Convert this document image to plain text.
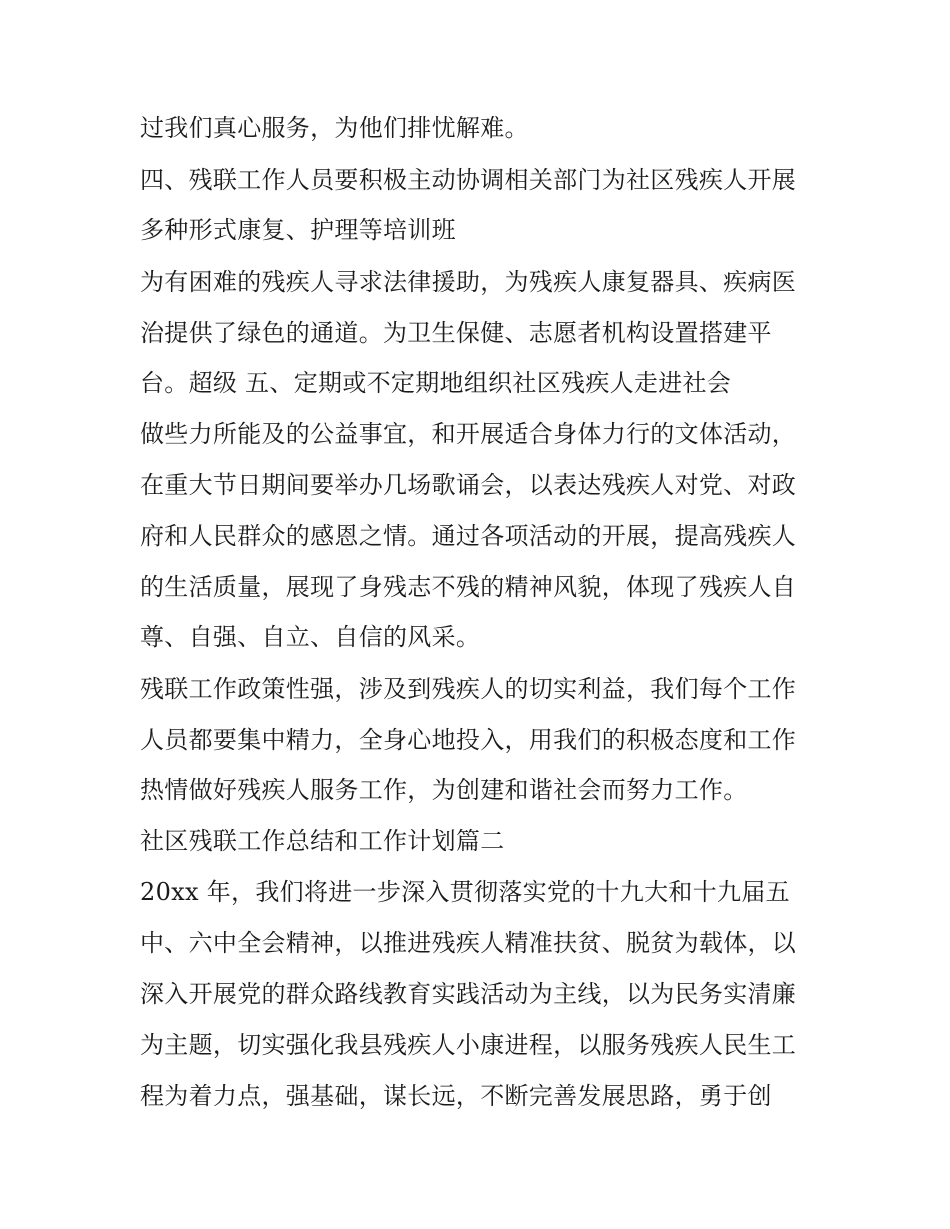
过我们真心服务，为他们排忧解难。
四、残联工作人员要积极主动协调相关部门为社区残疾人开展
多种形式康复、护理等培训班
为有困难的残疾人寻求法律援助，为残疾人康复器具、疾病医
治提供了绿色的通道。为卫生保健、志愿者机构设置搭建平
台。超级 五、定期或不定期地组织社区残疾人走进社会
做些力所能及的公益事宜，和开展适合身体力行的文体活动，
在重大节日期间要举办几场歌诵会，以表达残疾人对党、对政
府和人民群众的感恩之情。通过各项活动的开展，提高残疾人
的生活质量，展现了身残志不残的精神风貌，体现了残疾人自
尊、自强、自立、自信的风采。
残联工作政策性强，涉及到残疾人的切实利益，我们每个工作
人员都要集中精力，全身心地投入，用我们的积极态度和工作
热情做好残疾人服务工作，为创建和谐社会而努力工作。
社区残联工作总结和工作计划篇二
20xx 年，我们将进一步深入贯彻落实党的十九大和十九届五
中、六中全会精神，以推进残疾人精准扶贫、脱贫为载体，以
深入开展党的群众路线教育实践活动为主线，以为民务实清廉
为主题，切实强化我县残疾人小康进程，以服务残疾人民生工
程为着力点，强基础，谋长远，不断完善发展思路，勇于创
